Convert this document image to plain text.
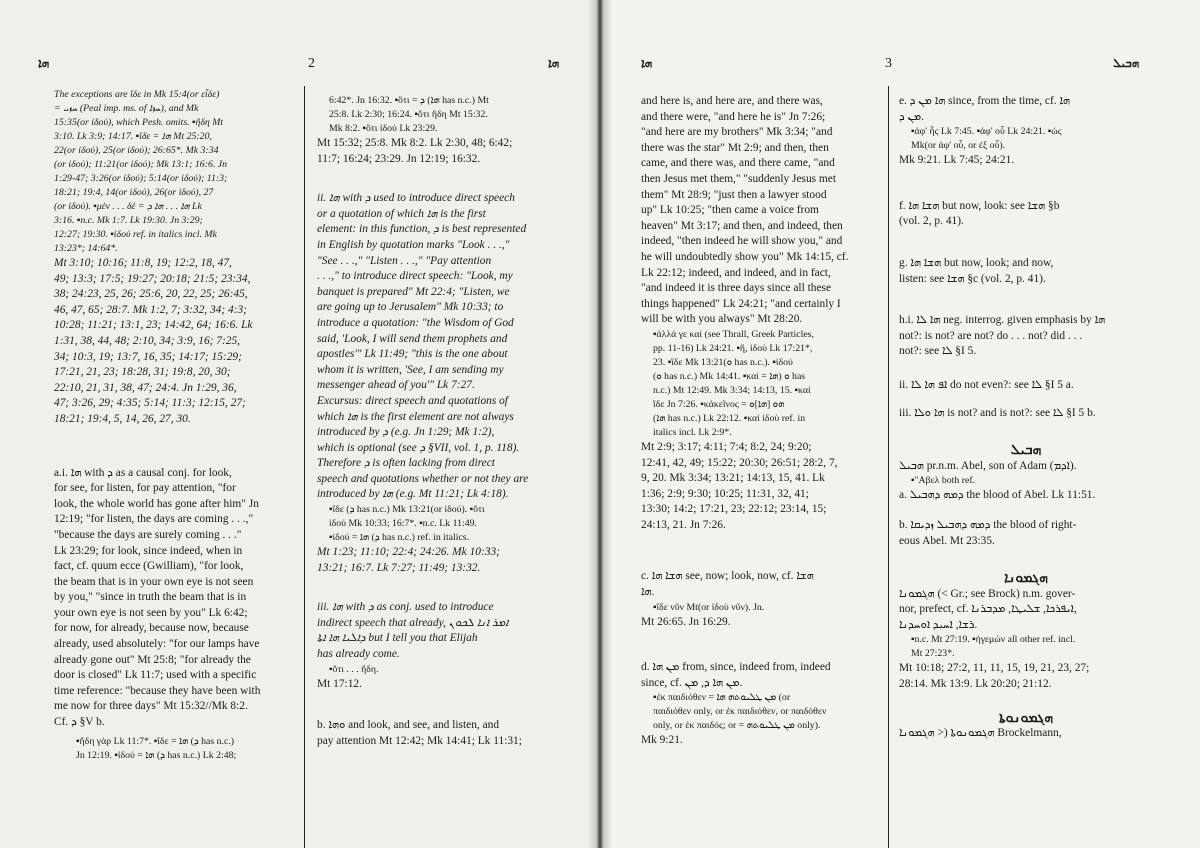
ܗܐ	2	ܗܐ

The exceptions are ἴδε in Mk 15:4(or εἶδε)

= ܚܙܝ (Peal imp. ms. of ܚܙܐ), and Mk

15:35(or ἰδού), which Pesh. omits. ▪ἤδη Mt

3:10. Lk 3:9; 14:17. ▪ἴδε = ܗܐ Mt 25:20,

22(or ἰδού), 25(or ἰδού); 26:65*. Mk 3:34

(or ἰδού); 11:21(or ἰδού); Mk 13:1; 16:6. Jn

1:29-47; 3:26(or ἰδού); 5:14(or ἰδού); 11:3;

18:21; 19:4, 14(or ἰδού), 26(or ἰδού), 27

(or ἰδού). ▪μὲν . . . δὲ = ܗܐ . . . ܗܐ ܕ Lk

3:16. ▪n.c. Mk 1:7. Lk 19:30. Jn 3:29;

12:27; 19:30. ▪ἰδού ref. in italics incl. Mk

13:23*; 14:64*.

Mt 3:10; 10:16; 11:8, 19; 12:2, 18, 47,

49; 13:3; 17:5; 19:27; 20:18; 21:5; 23:34,

38; 24:23, 25, 26; 25:6, 20, 22, 25; 26:45,

46, 47, 65; 28:7. Mk 1:2, 7; 3:32, 34; 4:3;

10:28; 11:21; 13:1, 23; 14:42, 64; 16:6. Lk

1:31, 38, 44, 48; 2:10, 34; 3:9, 16; 7:25,

34; 10:3, 19; 13:7, 16, 35; 14:17; 15:29;

17:21, 21, 23; 18:28, 31; 19:8, 20, 30;

22:10, 21, 31, 38, 47; 24:4. Jn 1:29, 36,

47; 3:26, 29; 4:35; 5:14; 11:3; 12:15, 27;

18:21; 19:4, 5, 14, 26, 27, 30.

a.i. ܗܐ with ܕ as a causal conj. for look,

for see, for listen, for pay attention, "for

look, the whole world has gone after him" Jn

12:19; "for listen, the days are coming . . .,"

"because the days are surely coming . . ."

Lk 23:29; for look, since indeed, when in

fact, cf. quum ecce (Gwilliam), "for look,

the beam that is in your own eye is not seen

by you," "since in truth the beam that is in

your own eye is not seen by you" Lk 6:42;

for now, for already, because now, because

already, used absolutely: "for our lamps have

already gone out" Mt 25:8; "for already the

door is closed" Lk 11:7; used with a specific

time reference: "because they have been with

me now for three days" Mt 15:32//Mk 8:2.

Cf. ܕ §V b.

▪ἤδη γὰρ Lk 11:7*. ▪ἴδε = ܗܐ (ܕ has n.c.)

Jn 12:19. ▪ἰδού = ܗܐ (ܕ has n.c.) Lk 2:48;

6:42*. Jn 16:32. ▪ὅτι = ܕ (ܗܐ has n.c.) Mt

25:8. Lk 2:30; 16:24. ▪ὅτι ἤδη Mt 15:32.

Mk 8:2. ▪ὅτι ἰδού Lk 23:29.

Mt 15:32; 25:8. Mk 8:2. Lk 2:30, 48; 6:42;

11:7; 16:24; 23:29. Jn 12:19; 16:32.

ii. ܗܐ with ܕ used to introduce direct speech

or a quotation of which ܗܐ is the first

element: in this function, ܕ is best represented

in English by quotation marks "Look . . .,"

"See . . .," "Listen . . .," "Pay attention

. . .," to introduce direct speech: "Look, my

banquet is prepared" Mt 22:4; "Listen, we

are going up to Jerusalem" Mk 10:33; to

introduce a quotation: "the Wisdom of God

said, 'Look, I will send them prophets and

apostles'" Lk 11:49; "this is the one about

whom it is written, 'See, I am sending my

messenger ahead of you'" Lk 7:27.

Excursus: direct speech and quotations of

which ܗܐ is the first element are not always

introduced by ܕ (e.g. Jn 1:29; Mk 1:2),

which is optional (see ܕ §VII, vol. 1, p. 118).

Therefore ܕ is often lacking from direct

speech and quotations whether or not they are

introduced by ܗܐ (e.g. Mt 11:21; Lk 4:18).

▪ἴδε (ܕ has n.c.) Mk 13:21(or ἰδού). ▪ὅτι

ἰδού Mk 10:33; 16:7*. ▪n.c. Lk 11:49.

▪ἰδού = ܗܐ (ܕ has n.c.) ref. in italics.

Mt 1:23; 11:10; 22:4; 24:26. Mk 10:33;

13:21; 16:7. Lk 7:27; 11:49; 13:32.

iii. ܗܐ with ܕ as conj. used to introduce

indirect speech that already, ܐܡܪ ܐܢܐ ܠܟܘܢ

ܕܐܠܝܐ ܗܐ ܐܬܐ but I tell you that Elijah

has already come.

▪ὅτι . . . ἤδη.

Mt 17:12.

b. ܘܗܐ and look, and see, and listen, and

pay attention Mt 12:42; Mk 14:41; Lk 11:31;

ܗܐ	3	ܗܒܝܠ

and here is, and here are, and there was,

and there were, "and here he is" Jn 7:26;

"and here are my brothers" Mk 3:34; "and

there was the star" Mt 2:9; and then, then

came, and there was, and there came, "and

then Jesus met them," "suddenly Jesus met

them" Mt 28:9; "just then a lawyer stood

up" Lk 10:25; "then came a voice from

heaven" Mt 3:17; and then, and indeed, then

indeed, "then indeed he will show you," and

he will undoubtedly show you" Mk 14:15, cf.

Lk 22:12; indeed, and indeed, and in fact,

"and indeed it is three days since all these

things happened" Lk 24:21; "and certainly I

will be with you always" Mt 28:20.

▪ἀλλά γε καί (see Thrall, Greek Particles,

pp. 11-16) Lk 24:21. ▪ἤ, ἰδοὺ Lk 17:21*,

23. ▪ἴδε Mk 13:21(ܘ has n.c.). ▪ἰδού

(ܘ has n.c.) Mk 14:41. ▪καί = ܘ (ܗܐ has

n.c.) Mt 12:49. Mk 3:34; 14:13, 15. ▪καί

ἴδε Jn 7:26. ▪κἀκεῖνος = ܗܘ [ܗܐ]ܘ

(ܗܐ has n.c.) Lk 22:12. ▪καὶ ἰδοὺ ref. in

italics incl. Lk 2:9*.

Mt 2:9; 3:17; 4:11; 7:4; 8:2, 24; 9:20;

12:41, 42, 49; 15:22; 20:30; 26:51; 28:2, 7,

9, 20. Mk 3:34; 13:21; 14:13, 15, 41. Lk

1:36; 2:9; 9:30; 10:25; 11:31, 32, 41;

13:30; 14:2; 17:21, 23; 22:12; 23:14, 15;

24:13, 21. Jn 7:26.

c. ܗܫܐ ܗܐ see, now; look, now, cf. ܗܫܐ

ܗܐ.

▪ἴδε νῦν Mt(or ἰδοὺ νῦν). Jn.

Mt 26:65. Jn 16:29.

d. ܡܢ ܗܐ from, since, indeed from, indeed

since, cf. ܡܢ ܗܐ ܕ, ܡܢ.

▪ἐκ παιδιόθεν = ܡܢ ܛܠܝܘܬܗ ܗܐ (or

παιδιόθεν only, or ἐκ παιδιόθεν, or παιδόθεν

only, or ἐκ παιδός; or = ܡܢ ܛܠܝܘܬܗ only).

Mk 9:21.

e. ܗܐ ܡܢ ܕ since, from the time, cf. ܗܐ

ܡܢ ܕ.

▪ἀφ' ἧς Lk 7:45. ▪ἀφ' οὗ Lk 24:21. ▪ὡς

Mk(or ἀφ' οὗ, or ἐξ οὗ).

Mk 9:21. Lk 7:45; 24:21.

f. ܗܫܐ ܗܐ but now, look: see ܗܫܐ §b

(vol. 2, p. 41).

g. ܗܫܐ ܗܐ but now, look; and now,

listen: see ܗܫܐ §c (vol. 2, p. 41).

h.i. ܗܐ ܠܐ neg. interrog. given emphasis by ܗܐ

not?: is not? are not? do . . . not? did . . .

not?: see ܠܐ §I 5.

ii. ܐܦ ܗܐ ܠܐ do not even?: see ܠܐ §I 5 a.

iii. ܗܐ ܘܠܐ is not? and is not?: see ܠܐ §I 5 b.

ܗܒܝܠ

ܗܒܝܠ pr.n.m. Abel, son of Adam (ܐܕܡ).

▪"Αβελ both ref.

a. ܕܡܗ ܕܗܒܝܠ the blood of Abel. Lk 11:51.

b. ܕܡܗ ܕܗܒܝܠ ܙܕܝܩܐ the blood of right-

eous Abel. Mt 23:35.

ܗܓܡܘܢܐ

ܗܓܡܘܢܐ (< Gr.; see Brock) n.m. gover-

nor, prefect, cf. ܐܝܦܪܟܐ, ܫܠܝܛܐ, ܡܕܒܪܢܐ,

ܪܫܐ, ܐܚܝܕ ܐܘܚܕܢܐ.

▪n.c. Mt 27:19. ▪ἡγεμών all other ref. incl.

Mt 27:23*.

Mt 10:18; 27:2, 11, 11, 15, 19, 21, 23, 27;

28:14. Mk 13:9. Lk 20:20; 21:12.

ܗܓܡܘܢܘܬܐ

ܗܓܡܘܢܘܬܐ (< ܗܓܡܘܢܐ Brockelmann,
